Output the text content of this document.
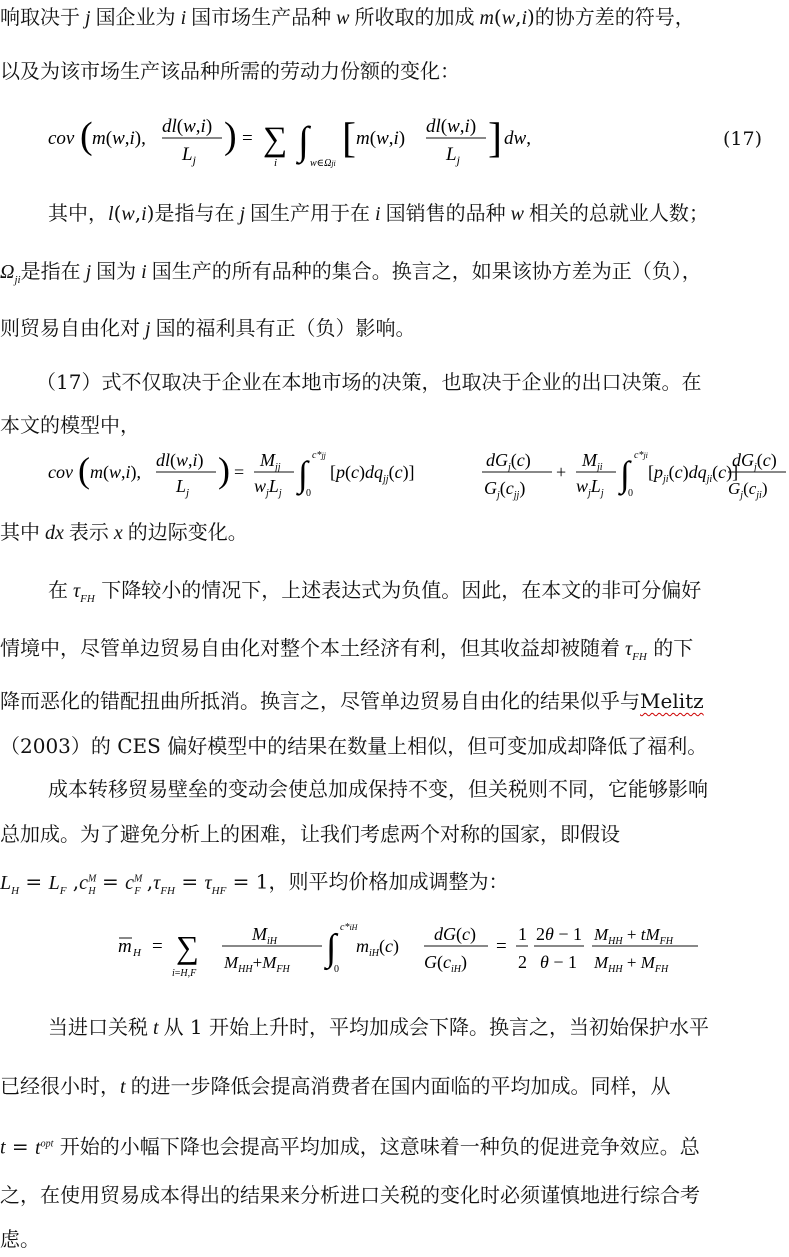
响取决于 j 国企业为 i 国市场生产品种 w 所收取的加成 m(w,i)的协方差的符号，
以及为该市场生产该品种所需的劳动力份额的变化：
cov ( m(w,i),
dl(w,i)
$L_j$
) = ∑
i ∫
w∈Ωji
[ m(w,i)
dl(w,i)
$L_j$ ] dw,	(17)
其中，l(w,i)是指与在 j 国生产用于在 i 国销售的品种 w 相关的总就业人数；
$\Omega_{ji}$是指在 j 国为 i 国生产的所有品种的集合。换言之，如果该协方差为正（负），
则贸易自由化对 j 国的福利具有正（负）影响。
（17）式不仅取决于企业在本地市场的决策，也取决于企业的出口决策。在
本文的模型中，
cov ( m(w,i),
dl(w,i)
$L_j$
) =
$M_{jj}$
$w_jL_j$ ∫ c*jj
0
$[p(c)dq_{jj}(c)]$
$dG_j(c)$
$G_j(c_{jj})$
+
$M_{ji}$
$w_jL_j$ ∫ c*ji
0
$[p_{ji}(c)dq_{ji}(c)]$
$dG_j(c)$
$G_j(c_{ji})$
其中 dx 表示 x 的边际变化。
在 $\tau_{FH}$ 下降较小的情况下，上述表达式为负值。因此，在本文的非可分偏好
情境中，尽管单边贸易自由化对整个本土经济有利，但其收益却被随着 $\tau_{FH}$ 的下
降而恶化的错配扭曲所抵消。换言之，尽管单边贸易自由化的结果似乎与Melitz
（2003）的 CES 偏好模型中的结果在数量上相似，但可变加成却降低了福利。
成本转移贸易壁垒的变动会使总加成保持不变，但关税则不同，它能够影响
总加成。为了避免分析上的困难，让我们考虑两个对称的国家，即假设
$L_H = L_F$ $,c^M_H = c^M_F$ $,\tau_{FH} = \tau_{HF} = 1$，则平均价格加成调整为：
m H = ∑
i=H,F
$M_{iH}$
$M_{HH}+M_{FH}$
∫ c*iH
0
$m_{iH}(c)$
dG(c)
$G(c_{iH})$
=
1
2
2θ − 1
θ − 1
$M_{HH} + tM_{FH}$
$M_{HH} + M_{FH}$
当进口关税 t 从 1 开始上升时，平均加成会下降。换言之，当初始保护水平
已经很小时，t 的进一步降低会提高消费者在国内面临的平均加成。同样，从
$t = t^{opt}$ 开始的小幅下降也会提高平均加成，这意味着一种负的促进竞争效应。总
之，在使用贸易成本得出的结果来分析进口关税的变化时必须谨慎地进行综合考
虑。
